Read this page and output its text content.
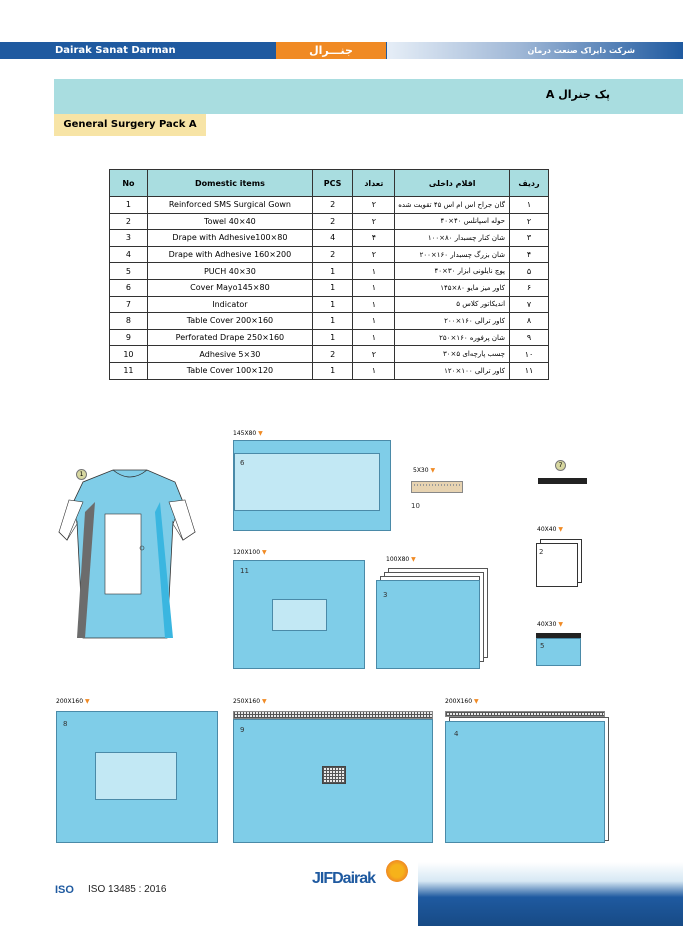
Dairak Sanat Darman	جنـــرال	شرکت دایراک صنعت درمان
پک جنرال A
General Surgery Pack A
No	Domestic items	PCS	تعداد	اقلام داخلی	ردیف
1	Reinforced SMS Surgical Gown	2	۲	گان جراح اس ام اس ۴۵ تقویت شده	۱
2	Towel 40×40	2	۲	حوله اسپانلس ۴۰×۴۰	۲
3	Drape with Adhesive100×80	4	۴	شان کنار چسبدار ۸۰×۱۰۰	۳
4	Drape with Adhesive 160×200	2	۲	شان بزرگ چسبدار ۱۶۰×۲۰۰	۴
5	PUCH 40×30	1	۱	پوچ نایلونی ابزار ۳۰×۴۰	۵
6	Cover Mayo145×80	1	۱	کاور میز مایو ۸۰×۱۴۵	۶
7	Indicator	1	۱	اندیکاتور کلاس ۵	۷
8	Table Cover 200×160	1	۱	کاور ترالی ۱۶۰×۲۰۰	۸
9	Perforated Drape 250×160	1	۱	شان پرفوره ۱۶۰×۲۵۰	۹
10	Adhesive 5×30	2	۲	چسب پارچه‌ای ۵×۳۰	۱۰
11	Table Cover 100×120	1	۱	کاور ترالی ۱۰۰×۱۲۰	۱۱
1
145X80 ▼
6
5X30 ▼
10
7
40X40 ▼
2
120X100 ▼
11
100X80 ▼
3
40X30 ▼
5
200X160 ▼
8
250X160 ▼
9
200X160 ▼
4
ISO ISO 13485 : 2016
JIFDairak
